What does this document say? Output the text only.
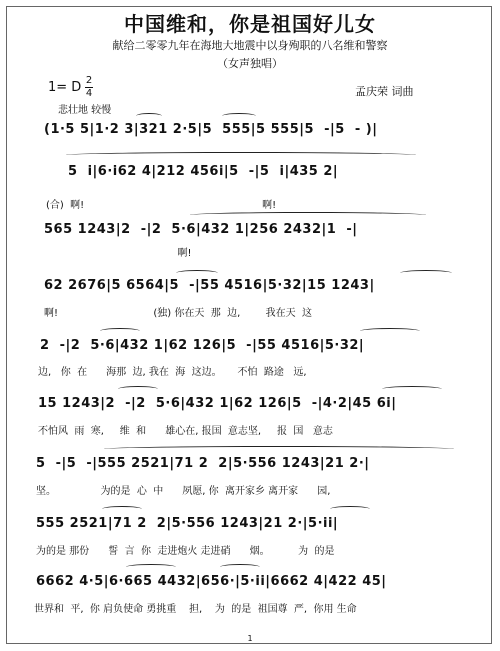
中国维和，你是祖国好儿女
献给二零零九年在海地大地震中以身殉职的八名维和警察
（女声独唱）
1= D 2
4
悲壮地 较慢
孟庆荣 词曲
(1·5 5|1·2 3|321 2·5|5  555|5 555|5  -|5  - )|
5  i|6·i62 4|212 456i|5  -|5  i|435 2|
(合)  啊!                                                        啊!
565 1243|2  -|2  5·6|432 1|256 2432|1  -|
啊!
62 2676|5 6564|5  -|55 4516|5·32|15 1243|
啊!                              (独) 你在天  那  边,        我在天  这
2  -|2  5·6|432 1|62 126|5  -|55 4516|5·32|
边,   你  在      海那  边, 我在  海  这边。     不怕  路途   远,
15 1243|2  -|2  5·6|432 1|62 126|5  -|4·2|45 6i|
不怕风  雨  寒,     维  和      雄心在, 报国  意志坚,     报  国   意志
5  -|5  -|555 2521|71 2  2|5·556 1243|21 2·|
坚。              为的是  心  中      夙愿, 你  离开家乡 离开家      园,
555 2521|71 2  2|5·556 1243|21 2·|5·ii|
为的是 那份      誓  言  你  走进炮火 走进硝      烟。         为  的是
6662 4·5|6·665 4432|656·|5·ii|6662 4|422 45|
世界和  平,  你 肩负使命 勇挑重    担,    为  的是  祖国尊  严,  你用 生命
1
